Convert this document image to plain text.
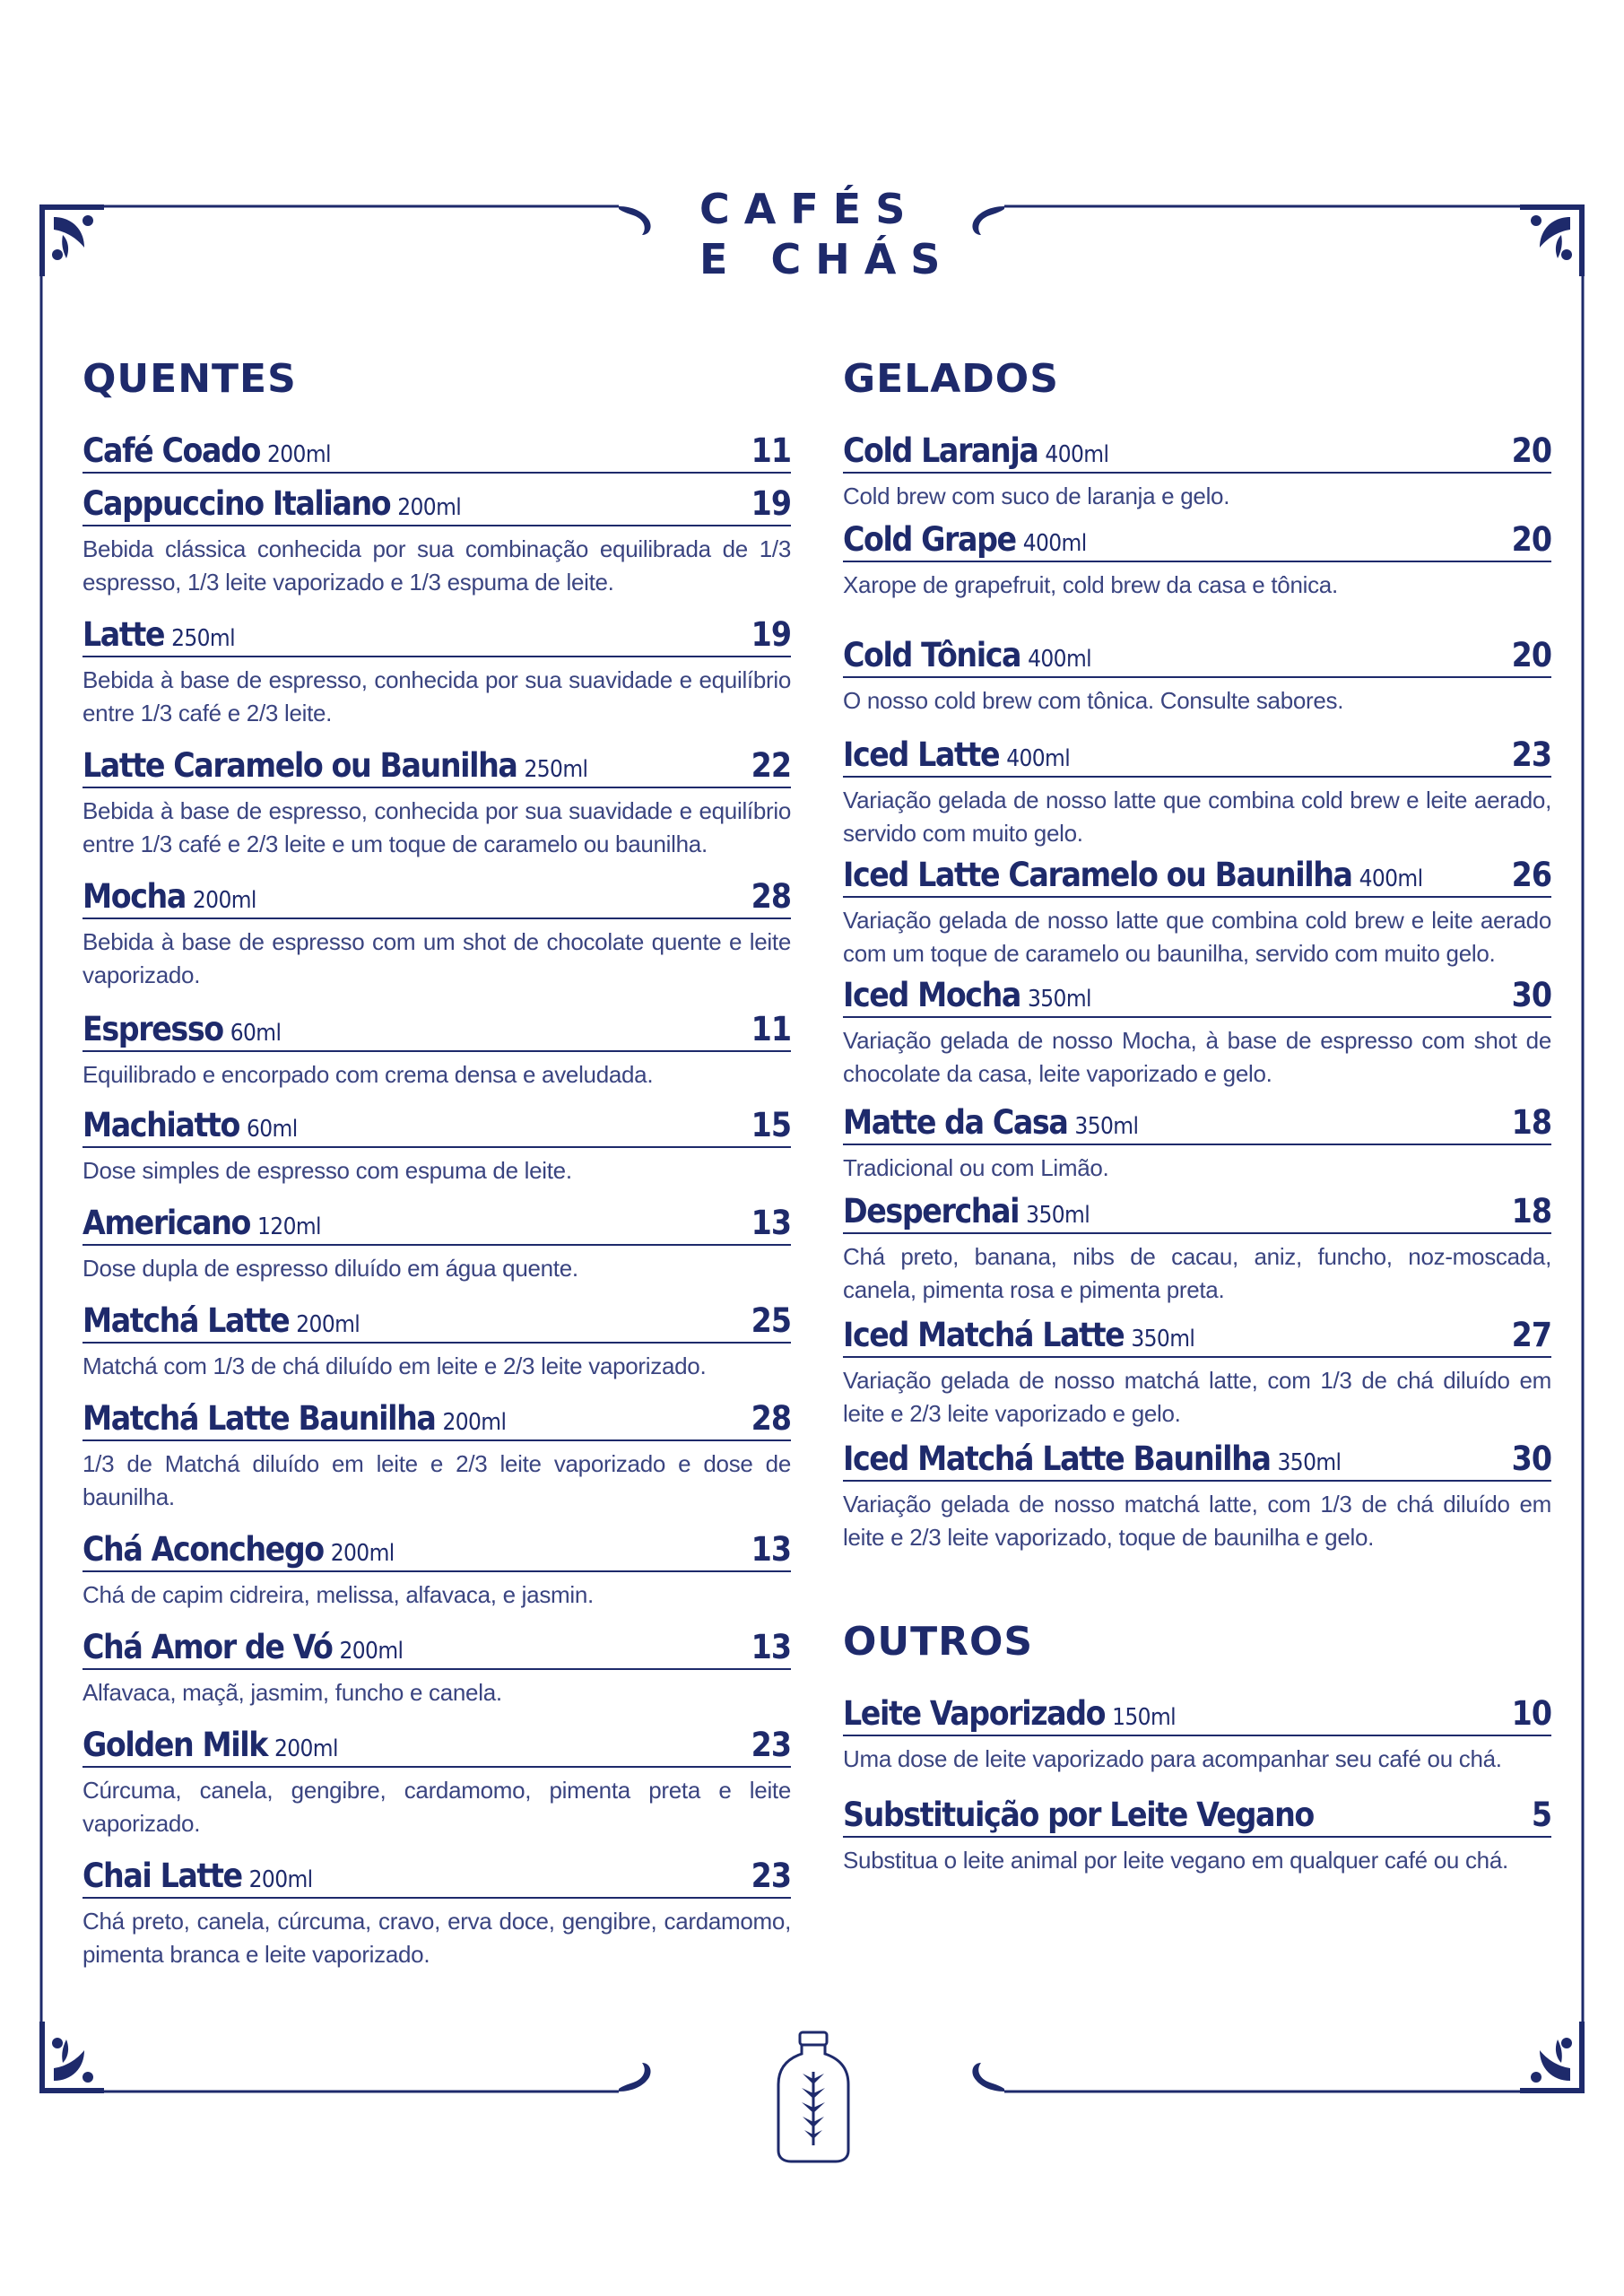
CAFÉS
E CHÁS
QUENTES
Café Coado 200ml	11
Cappuccino Italiano 200ml	19
Bebida clássica conhecida por sua combinação equilibrada de 1/3 espresso, 1/3 leite vaporizado e 1/3 espuma de leite.
Latte 250ml	19
Bebida à base de espresso, conhecida por sua suavidade e equilíbrio entre 1/3 café e 2/3 leite.
Latte Caramelo ou Baunilha 250ml	22
Bebida à base de espresso, conhecida por sua suavidade e equilíbrio entre 1/3 café e 2/3 leite e um toque de caramelo ou baunilha.
Mocha 200ml	28
Bebida à base de espresso com um shot de chocolate quente e leite vaporizado.
Espresso 60ml	11
Equilibrado e encorpado com crema densa e aveludada.
Machiatto 60ml	15
Dose simples de espresso com espuma de leite.
Americano 120ml	13
Dose dupla de espresso diluído em água quente.
Matchá Latte 200ml	25
Matchá com 1/3 de chá diluído em leite e 2/3 leite vaporizado.
Matchá Latte Baunilha 200ml	28
1/3 de Matchá diluído em leite e 2/3 leite vaporizado e dose de baunilha.
Chá Aconchego 200ml	13
Chá de capim cidreira, melissa, alfavaca, e jasmin.
Chá Amor de Vó 200ml	13
Alfavaca, maçã, jasmim, funcho e canela.
Golden Milk 200ml	23
Cúrcuma, canela, gengibre, cardamomo, pimenta preta e leite vaporizado.
Chai Latte 200ml	23
Chá preto, canela, cúrcuma, cravo, erva doce, gengibre, cardamomo, pimenta branca e leite vaporizado.
GELADOS
Cold Laranja 400ml	20
Cold brew com suco de laranja e gelo.
Cold Grape 400ml	20
Xarope de grapefruit, cold brew da casa e tônica.
Cold Tônica 400ml	20
O nosso cold brew com tônica. Consulte sabores.
Iced Latte 400ml	23
Variação gelada de nosso latte que combina cold brew e leite aerado, servido com muito gelo.
Iced Latte Caramelo ou Baunilha 400ml	26
Variação gelada de nosso latte que combina cold brew e leite aerado com um toque de caramelo ou baunilha, servido com muito gelo.
Iced Mocha 350ml	30
Variação gelada de nosso Mocha, à base de espresso com shot de chocolate da casa, leite vaporizado e gelo.
Matte da Casa 350ml	18
Tradicional ou com Limão.
Desperchai 350ml	18
Chá preto, banana, nibs de cacau, aniz, funcho, noz-moscada, canela, pimenta rosa e pimenta preta.
Iced Matchá Latte 350ml	27
Variação gelada de nosso matchá latte, com 1/3 de chá diluído em leite e 2/3 leite vaporizado e gelo.
Iced Matchá Latte Baunilha 350ml	30
Variação gelada de nosso matchá latte, com 1/3 de chá diluído em leite e 2/3 leite vaporizado, toque de baunilha e gelo.
OUTROS
Leite Vaporizado 150ml	10
Uma dose de leite vaporizado para acompanhar seu café ou chá.
Substituição por Leite Vegano	5
Substitua o leite animal por leite vegano em qualquer café ou chá.
